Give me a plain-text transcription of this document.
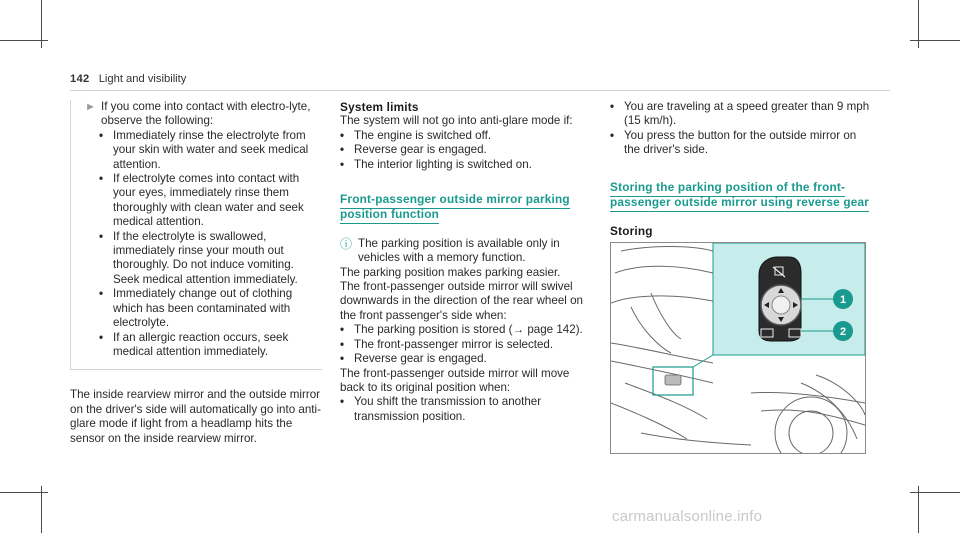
142 Light and visibility
► If you come into contact with electro-lyte, observe the following:
• Immediately rinse the electrolyte from your skin with water and seek medical attention.
• If electrolyte comes into contact with your eyes, immediately rinse them thoroughly with clean water and seek medical attention.
• If the electrolyte is swallowed, immediately rinse your mouth out thoroughly. Do not induce vomiting. Seek medical attention immediately.
• Immediately change out of clothing which has been contaminated with electrolyte.
• If an allergic reaction occurs, seek medical attention immediately.

The inside rearview mirror and the outside mirror on the driver's side will automatically go into anti-glare mode if light from a headlamp hits the sensor on the inside rearview mirror.

System limits

The system will not go into anti-glare mode if:

• The engine is switched off.
• Reverse gear is engaged.
• The interior lighting is switched on.
Front-passenger outside mirror parking position function
ⓘ The parking position is available only in vehicles with a memory function.

The parking position makes parking easier.

The front-passenger outside mirror will swivel downwards in the direction of the rear wheel on the front passenger's side when:

• The parking position is stored (→ page 142).
• The front-passenger mirror is selected.
• Reverse gear is engaged.

The front-passenger outside mirror will move back to its original position when:

• You shift the transmission to another transmission position.
• You are traveling at a speed greater than 9 mph (15 km/h).
• You press the button for the outside mirror on the driver's side.
Storing the parking position of the front-passenger outside mirror using reverse gear
Storing
1
2
carmanualsonline.info
